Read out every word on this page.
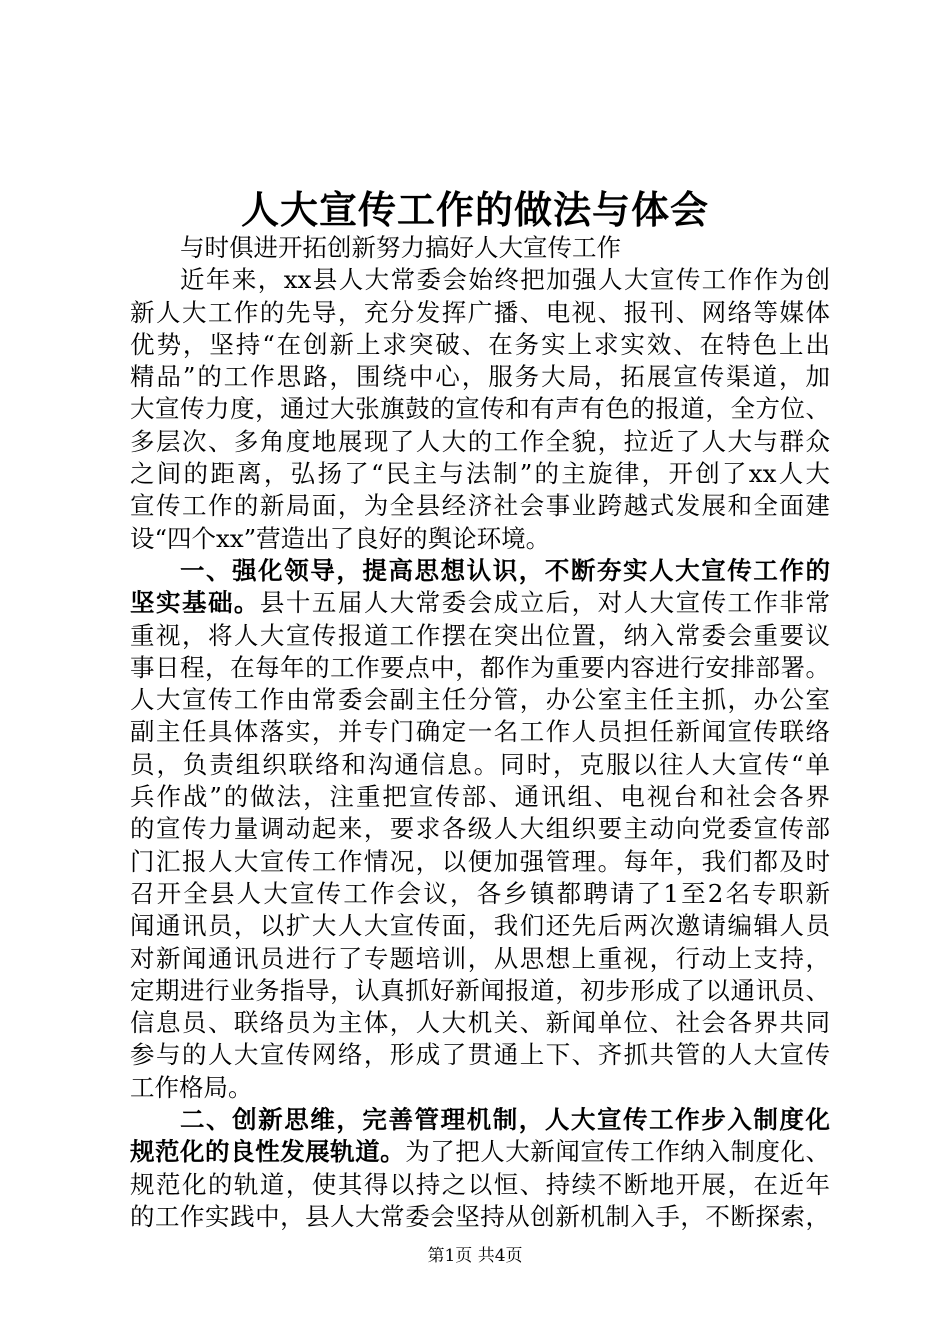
人大宣传工作的做法与体会
与时俱进开拓创新努力搞好人大宣传工作
近年来，xx县人大常委会始终把加强人大宣传工作作为创
新人大工作的先导，充分发挥广播、电视、报刊、网络等媒体
优势，坚持“在创新上求突破、在务实上求实效、在特色上出
精品”的工作思路，围绕中心，服务大局，拓展宣传渠道，加
大宣传力度，通过大张旗鼓的宣传和有声有色的报道，全方位、
多层次、多角度地展现了人大的工作全貌，拉近了人大与群众
之间的距离，弘扬了“民主与法制”的主旋律，开创了xx人大
宣传工作的新局面，为全县经济社会事业跨越式发展和全面建
设“四个xx”营造出了良好的舆论环境。
一、强化领导，提高思想认识，不断夯实人大宣传工作的
坚实基础。县十五届人大常委会成立后，对人大宣传工作非常
重视，将人大宣传报道工作摆在突出位置，纳入常委会重要议
事日程，在每年的工作要点中，都作为重要内容进行安排部署。
人大宣传工作由常委会副主任分管，办公室主任主抓，办公室
副主任具体落实，并专门确定一名工作人员担任新闻宣传联络
员，负责组织联络和沟通信息。同时，克服以往人大宣传“单
兵作战”的做法，注重把宣传部、通讯组、电视台和社会各界
的宣传力量调动起来，要求各级人大组织要主动向党委宣传部
门汇报人大宣传工作情况，以便加强管理。每年，我们都及时
召开全县人大宣传工作会议，各乡镇都聘请了1至2名专职新
闻通讯员，以扩大人大宣传面，我们还先后两次邀请编辑人员
对新闻通讯员进行了专题培训，从思想上重视，行动上支持，
定期进行业务指导，认真抓好新闻报道，初步形成了以通讯员、
信息员、联络员为主体，人大机关、新闻单位、社会各界共同
参与的人大宣传网络，形成了贯通上下、齐抓共管的人大宣传
工作格局。
二、创新思维，完善管理机制，人大宣传工作步入制度化
规范化的良性发展轨道。为了把人大新闻宣传工作纳入制度化、
规范化的轨道，使其得以持之以恒、持续不断地开展，在近年
的工作实践中，县人大常委会坚持从创新机制入手，不断探索，
第1页 共4页
